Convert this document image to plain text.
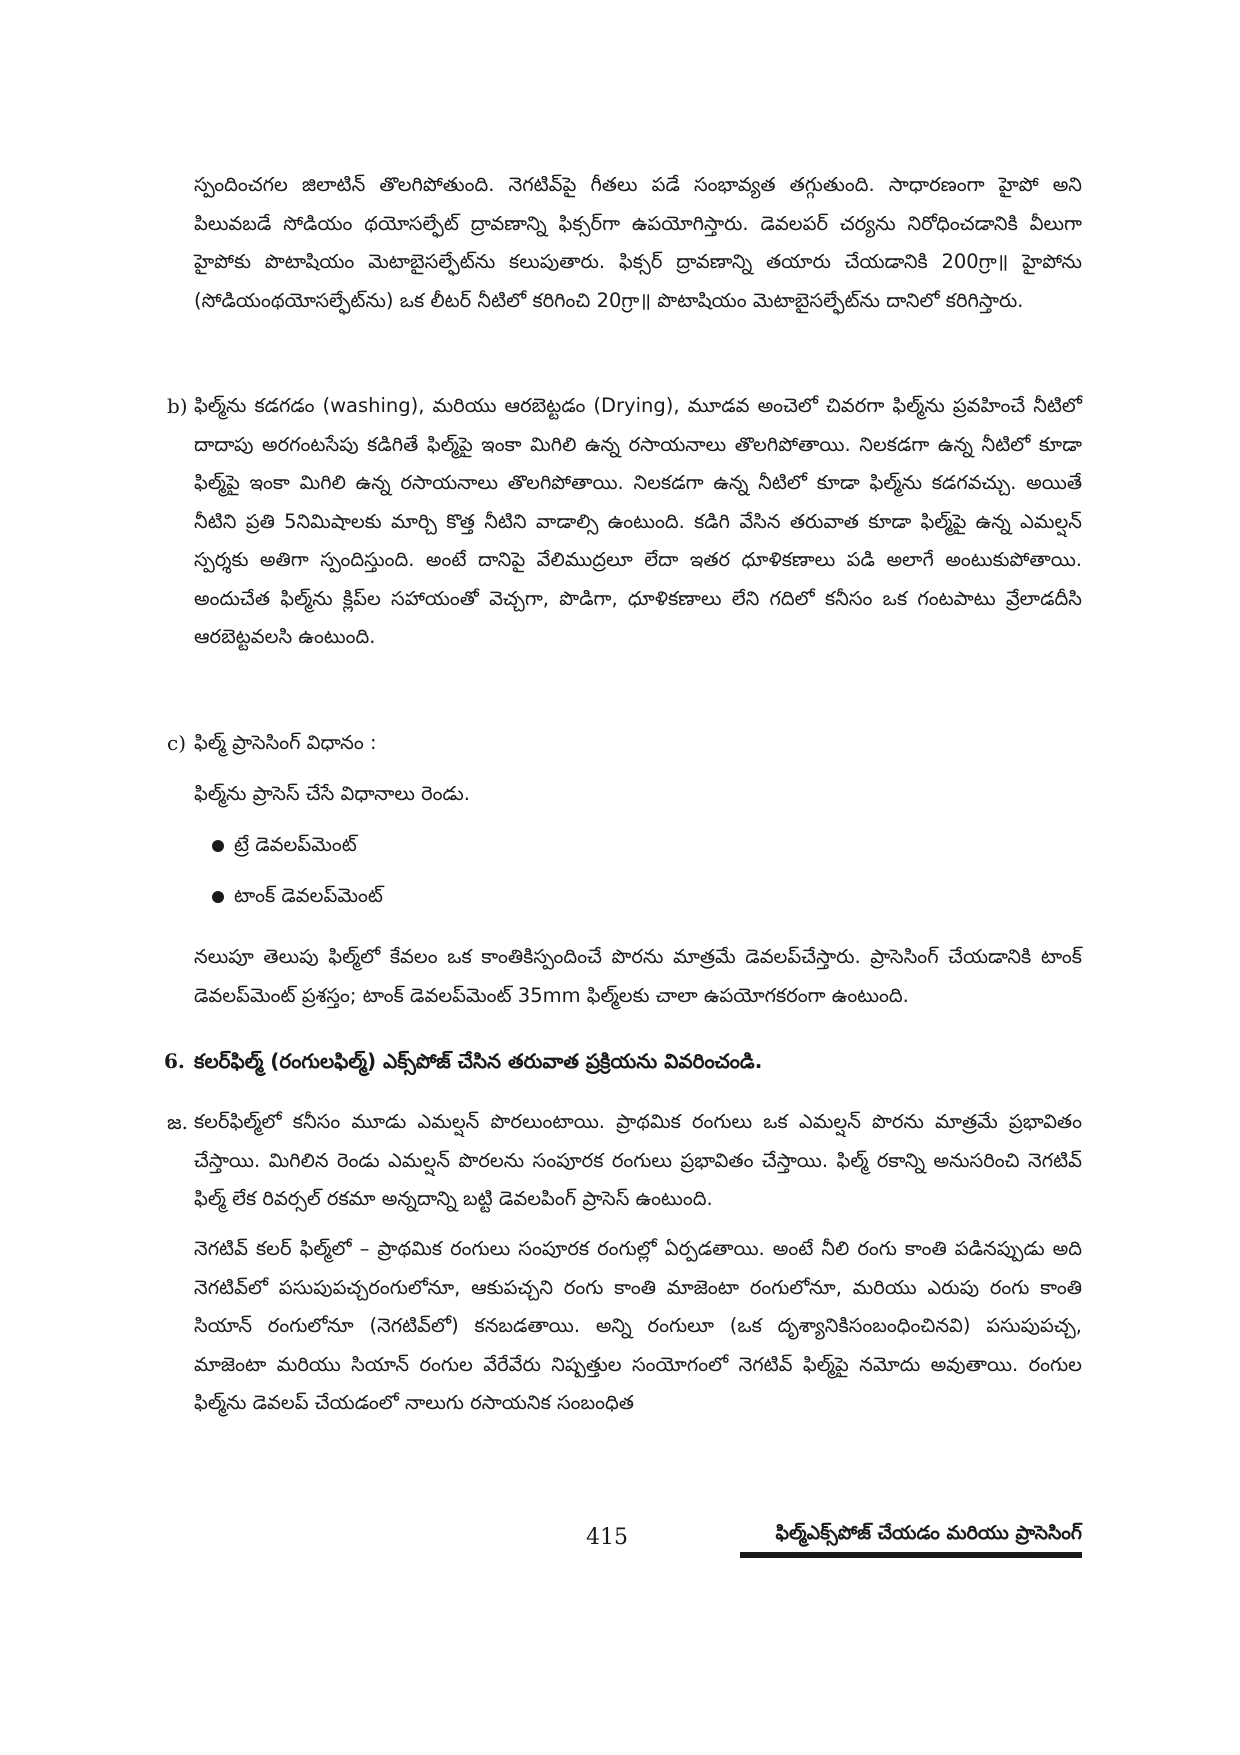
స్పందించగల జిలాటిన్ తొలగిపోతుంది. నెగటివ్‌పై గీతలు పడే సంభావ్యత తగ్గుతుంది. సాధారణంగా హైపో అని పిలువబడే సోడియం థయోసల్ఫేట్ ద్రావణాన్ని ఫిక్సర్‌గా ఉపయోగిస్తారు. డెవలపర్ చర్యను నిరోధించడానికి వీలుగా హైపోకు పొటాషియం మెటాబైసల్ఫేట్‌ను కలుపుతారు. ఫిక్సర్ ద్రావణాన్ని తయారు చేయడానికి 200గ్రా॥ హైపోను (సోడియంథయోసల్ఫేట్‌ను) ఒక లీటర్ నీటిలో కరిగించి 20గ్రా॥ పొటాషియం మెటాబైసల్ఫేట్‌ను దానిలో కరిగిస్తారు.

b) ఫిల్మ్‌ను కడగడం (washing), మరియు ఆరబెట్టడం (Drying), మూడవ అంచెలో చివరగా ఫిల్మ్‌ను ప్రవహించే నీటిలో దాదాపు అరగంటసేపు కడిగితే ఫిల్మ్‌పై ఇంకా మిగిలి ఉన్న రసాయనాలు తొలగిపోతాయి. నిలకడగా ఉన్న నీటిలో కూడా ఫిల్మ్‌పై ఇంకా మిగిలి ఉన్న రసాయనాలు తొలగిపోతాయి. నిలకడగా ఉన్న నీటిలో కూడా ఫిల్మ్‌ను కడగవచ్చు. అయితే నీటిని ప్రతి 5నిమిషాలకు మార్చి కొత్త నీటిని వాడాల్సి ఉంటుంది. కడిగి వేసిన తరువాత కూడా ఫిల్మ్‌పై ఉన్న ఎమల్షన్ స్పర్శకు అతిగా స్పందిస్తుంది. అంటే దానిపై వేలిముద్రలూ లేదా ఇతర ధూళికణాలు పడి అలాగే అంటుకుపోతాయి. అందుచేత ఫిల్మ్‌ను క్లిప్‌ల సహాయంతో వెచ్చగా, పొడిగా, ధూళికణాలు లేని గదిలో కనీసం ఒక గంటపాటు వ్రేలాడదీసి ఆరబెట్టవలసి ఉంటుంది.

c) ఫిల్మ్ ప్రాసెసింగ్ విధానం :

ఫిల్మ్‌ను ప్రాసెస్ చేసే విధానాలు రెండు.

ట్రే డెవలప్‌మెంట్
టాంక్ డెవలప్‌మెంట్

నలుపూ తెలుపు ఫిల్మ్‌లో కేవలం ఒక కాంతికిస్పందించే పొరను మాత్రమే డెవలప్‌చేస్తారు. ప్రాసెసింగ్ చేయడానికి టాంక్ డెవలప్‌మెంట్ ప్రశస్తం; టాంక్ డెవలప్‌మెంట్ 35mm ఫిల్మ్‌లకు చాలా ఉపయోగకరంగా ఉంటుంది.

6. కలర్‌ఫిల్మ్ (రంగులఫిల్మ్) ఎక్స్‌పోజ్ చేసిన తరువాత ప్రక్రియను వివరించండి.
జ. కలర్‌ఫిల్మ్‌లో కనీసం మూడు ఎమల్షన్ పొరలుంటాయి. ప్రాథమిక రంగులు ఒక ఎమల్షన్ పొరను మాత్రమే ప్రభావితం చేస్తాయి. మిగిలిన రెండు ఎమల్షన్ పొరలను సంపూరక రంగులు ప్రభావితం చేస్తాయి. ఫిల్మ్ రకాన్ని అనుసరించి నెగటివ్ ఫిల్మ్ లేక రివర్సల్ రకమా అన్నదాన్ని బట్టి డెవలపింగ్ ప్రాసెస్ ఉంటుంది.

నెగటివ్ కలర్ ఫిల్మ్‌లో – ప్రాథమిక రంగులు సంపూరక రంగుల్లో ఏర్పడతాయి. అంటే నీలి రంగు కాంతి పడినప్పుడు అది నెగటివ్‌లో పసుపుపచ్చరంగులోనూ, ఆకుపచ్చని రంగు కాంతి మాజెంటా రంగులోనూ, మరియు ఎరుపు రంగు కాంతి సియాన్ రంగులోనూ (నెగటివ్‌లో) కనబడతాయి. అన్ని రంగులూ (ఒక దృశ్యానికిసంబంధించినవి) పసుపుపచ్చ, మాజెంటా మరియు సియాన్ రంగుల వేరేవేరు నిష్పత్తుల సంయోగంలో నెగటివ్ ఫిల్మ్‌పై నమోదు అవుతాయి. రంగుల ఫిల్మ్‌ను డెవలప్ చేయడంలో నాలుగు రసాయనిక సంబంధిత

415	ఫిల్మ్‌ఎక్స్‌పోజ్ చేయడం మరియు ప్రాసెసింగ్
